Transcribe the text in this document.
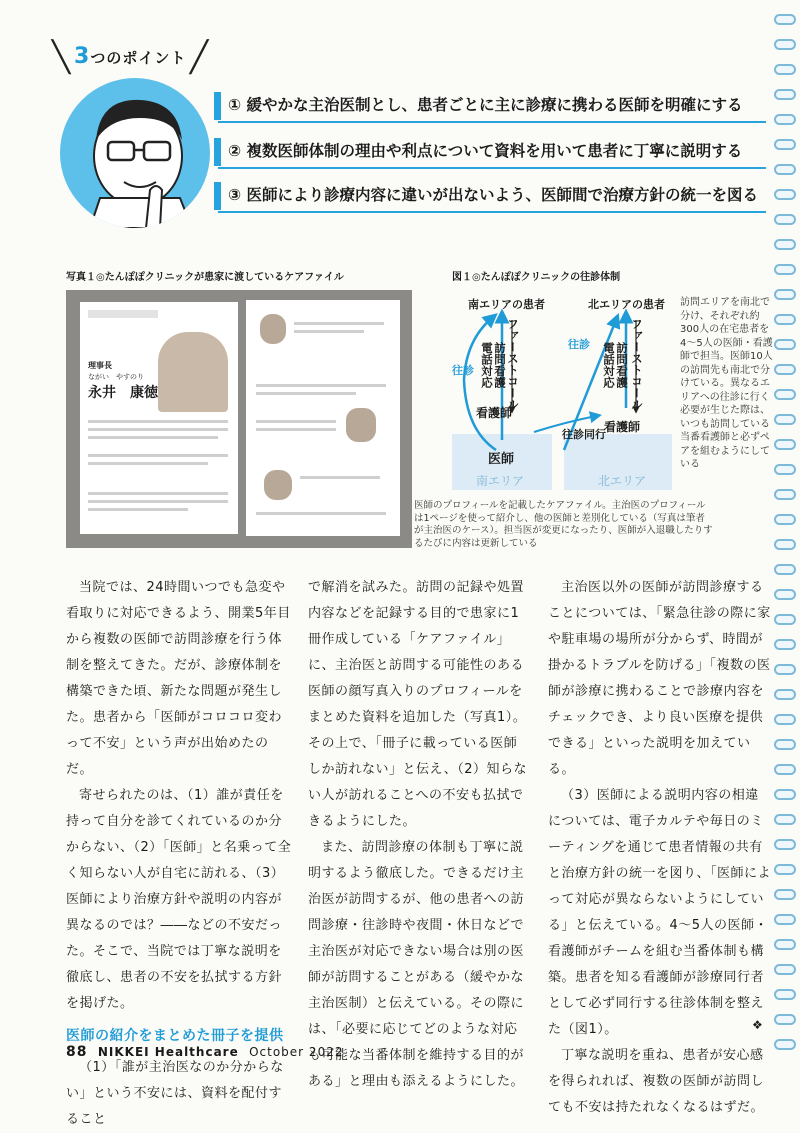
╲ 3つのポイント ╱
① 緩やかな主治医制とし、患者ごとに主に診療に携わる医師を明確にする
② 複数医師体制の理由や利点について資料を用いて患者に丁寧に説明する
③ 医師により診療内容に違いが出ないよう、医師間で治療方針の統一を図る
写真１◎たんぽぽクリニックが患家に渡しているケアファイル
理事長
ながい　やすのり
永井　康徳
医師のプロフィールを記載したケアファイル。主治医のプロフィールは1ページを使って紹介し、他の医師と差別化している（写真は筆者が主治医のケース）。担当医が変更になったり、医師が入退職したりするたびに内容は更新している
図１◎たんぽぽクリニックの往診体制
南エリアの患者	北エリアの患者
ファーストコール
訪問看護 電話対応	ファーストコール
訪問看護 電話対応
往診
往診
往診同行
看護師
看護師
医師
南エリア	北エリア
訪問エリアを南北で分け、それぞれ約300人の在宅患者を4〜5人の医師・看護師で担当。医師10人の訪問先も南北で分けている。異なるエリアへの往診に行く必要が生じた際は、いつも訪問している当番看護師と必ずペアを組むようにしている

当院では、24時間いつでも急変や看取りに対応できるよう、開業5年目から複数の医師で訪問診療を行う体制を整えてきた。だが、診療体制を構築できた頃、新たな問題が発生した。患者から「医師がコロコロ変わって不安」という声が出始めたのだ。

寄せられたのは、（1）誰が責任を持って自分を診てくれているのか分からない、（2）「医師」と名乗って全く知らない人が自宅に訪れる、（3）医師により治療方針や説明の内容が異なるのでは？――などの不安だった。そこで、当院では丁寧な説明を徹底し、患者の不安を払拭する方針を掲げた。

医師の紹介をまとめた冊子を提供

（1）「誰が主治医なのか分からない」という不安には、資料を配付すること

で解消を試みた。訪問の記録や処置内容などを記録する目的で患家に1冊作成している「ケアファイル」に、主治医と訪問する可能性のある医師の顔写真入りのプロフィールをまとめた資料を追加した（写真1）。その上で、「冊子に載っている医師しか訪れない」と伝え、（2）知らない人が訪れることへの不安も払拭できるようにした。

また、訪問診療の体制も丁寧に説明するよう徹底した。できるだけ主治医が訪問するが、他の患者への訪問診療・往診時や夜間・休日などで主治医が対応できない場合は別の医師が訪問することがある（緩やかな主治医制）と伝えている。その際には、「必要に応じてどのような対応も可能な当番体制を維持する目的がある」と理由も添えるようにした。

主治医以外の医師が訪問診療することについては、「緊急往診の際に家や駐車場の場所が分からず、時間が掛かるトラブルを防げる」「複数の医師が診療に携わることで診療内容をチェックでき、より良い医療を提供できる」といった説明を加えている。

（3）医師による説明内容の相違については、電子カルテや毎日のミーティングを通じて患者情報の共有と治療方針の統一を図り、「医師によって対応が異ならないようにしている」と伝えている。4〜5人の医師・看護師がチームを組む当番体制も構築。患者を知る看護師が診療同行者として必ず同行する往診体制を整えた（図1）。

丁寧な説明を重ね、患者が安心感を得られれば、複数の医師が訪問しても不安は持たれなくなるはずだ。

❖
88 NIKKEI Healthcare October 2022
